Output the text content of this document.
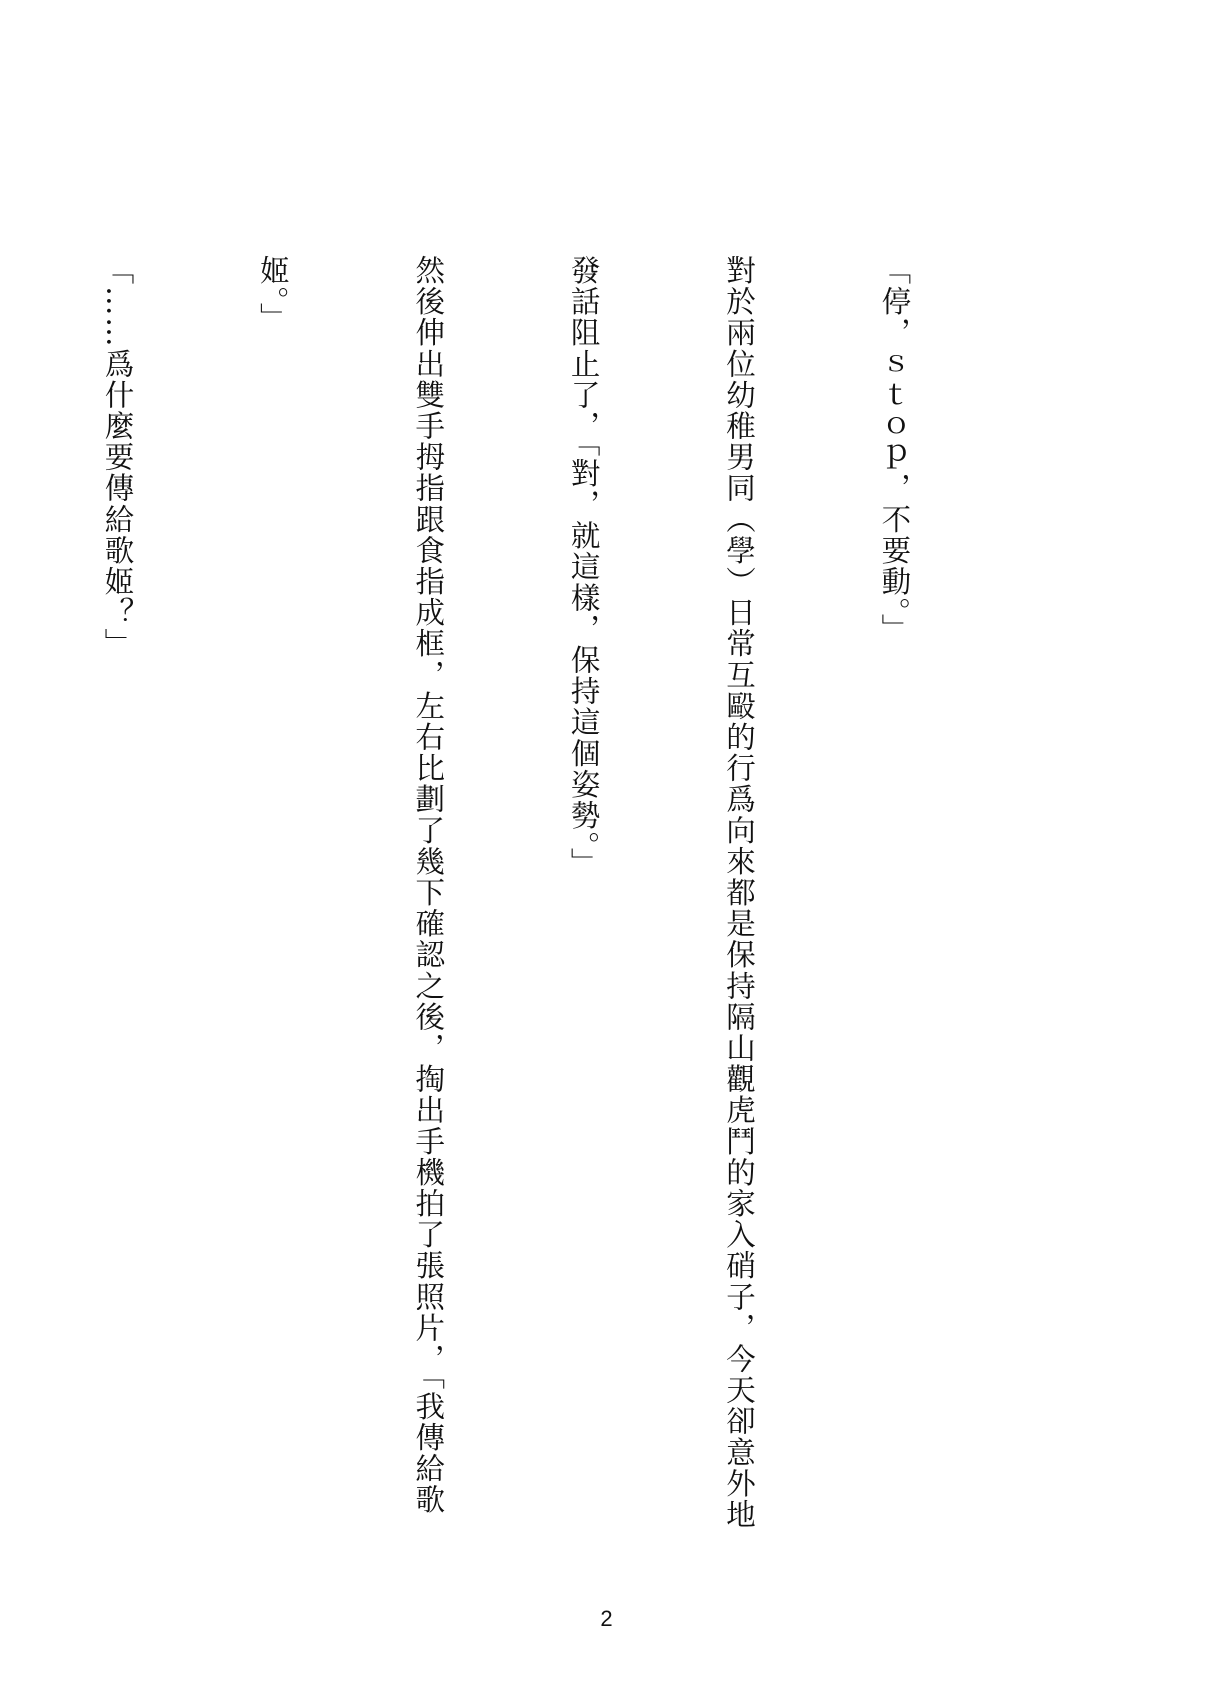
「停，ｓｔｏｐ，不要動。」

對於兩位幼稚男同（學）日常互毆的行爲向來都是保持隔山觀虎鬥的家入硝子，今天卻意外地

發話阻止了，「對，就這樣，保持這個姿勢。」

然後伸出雙手拇指跟食指成框，左右比劃了幾下確認之後，掏出手機拍了張照片，「我傳給歌

姬。」

「……爲什麼要傳給歌姬？」

2
